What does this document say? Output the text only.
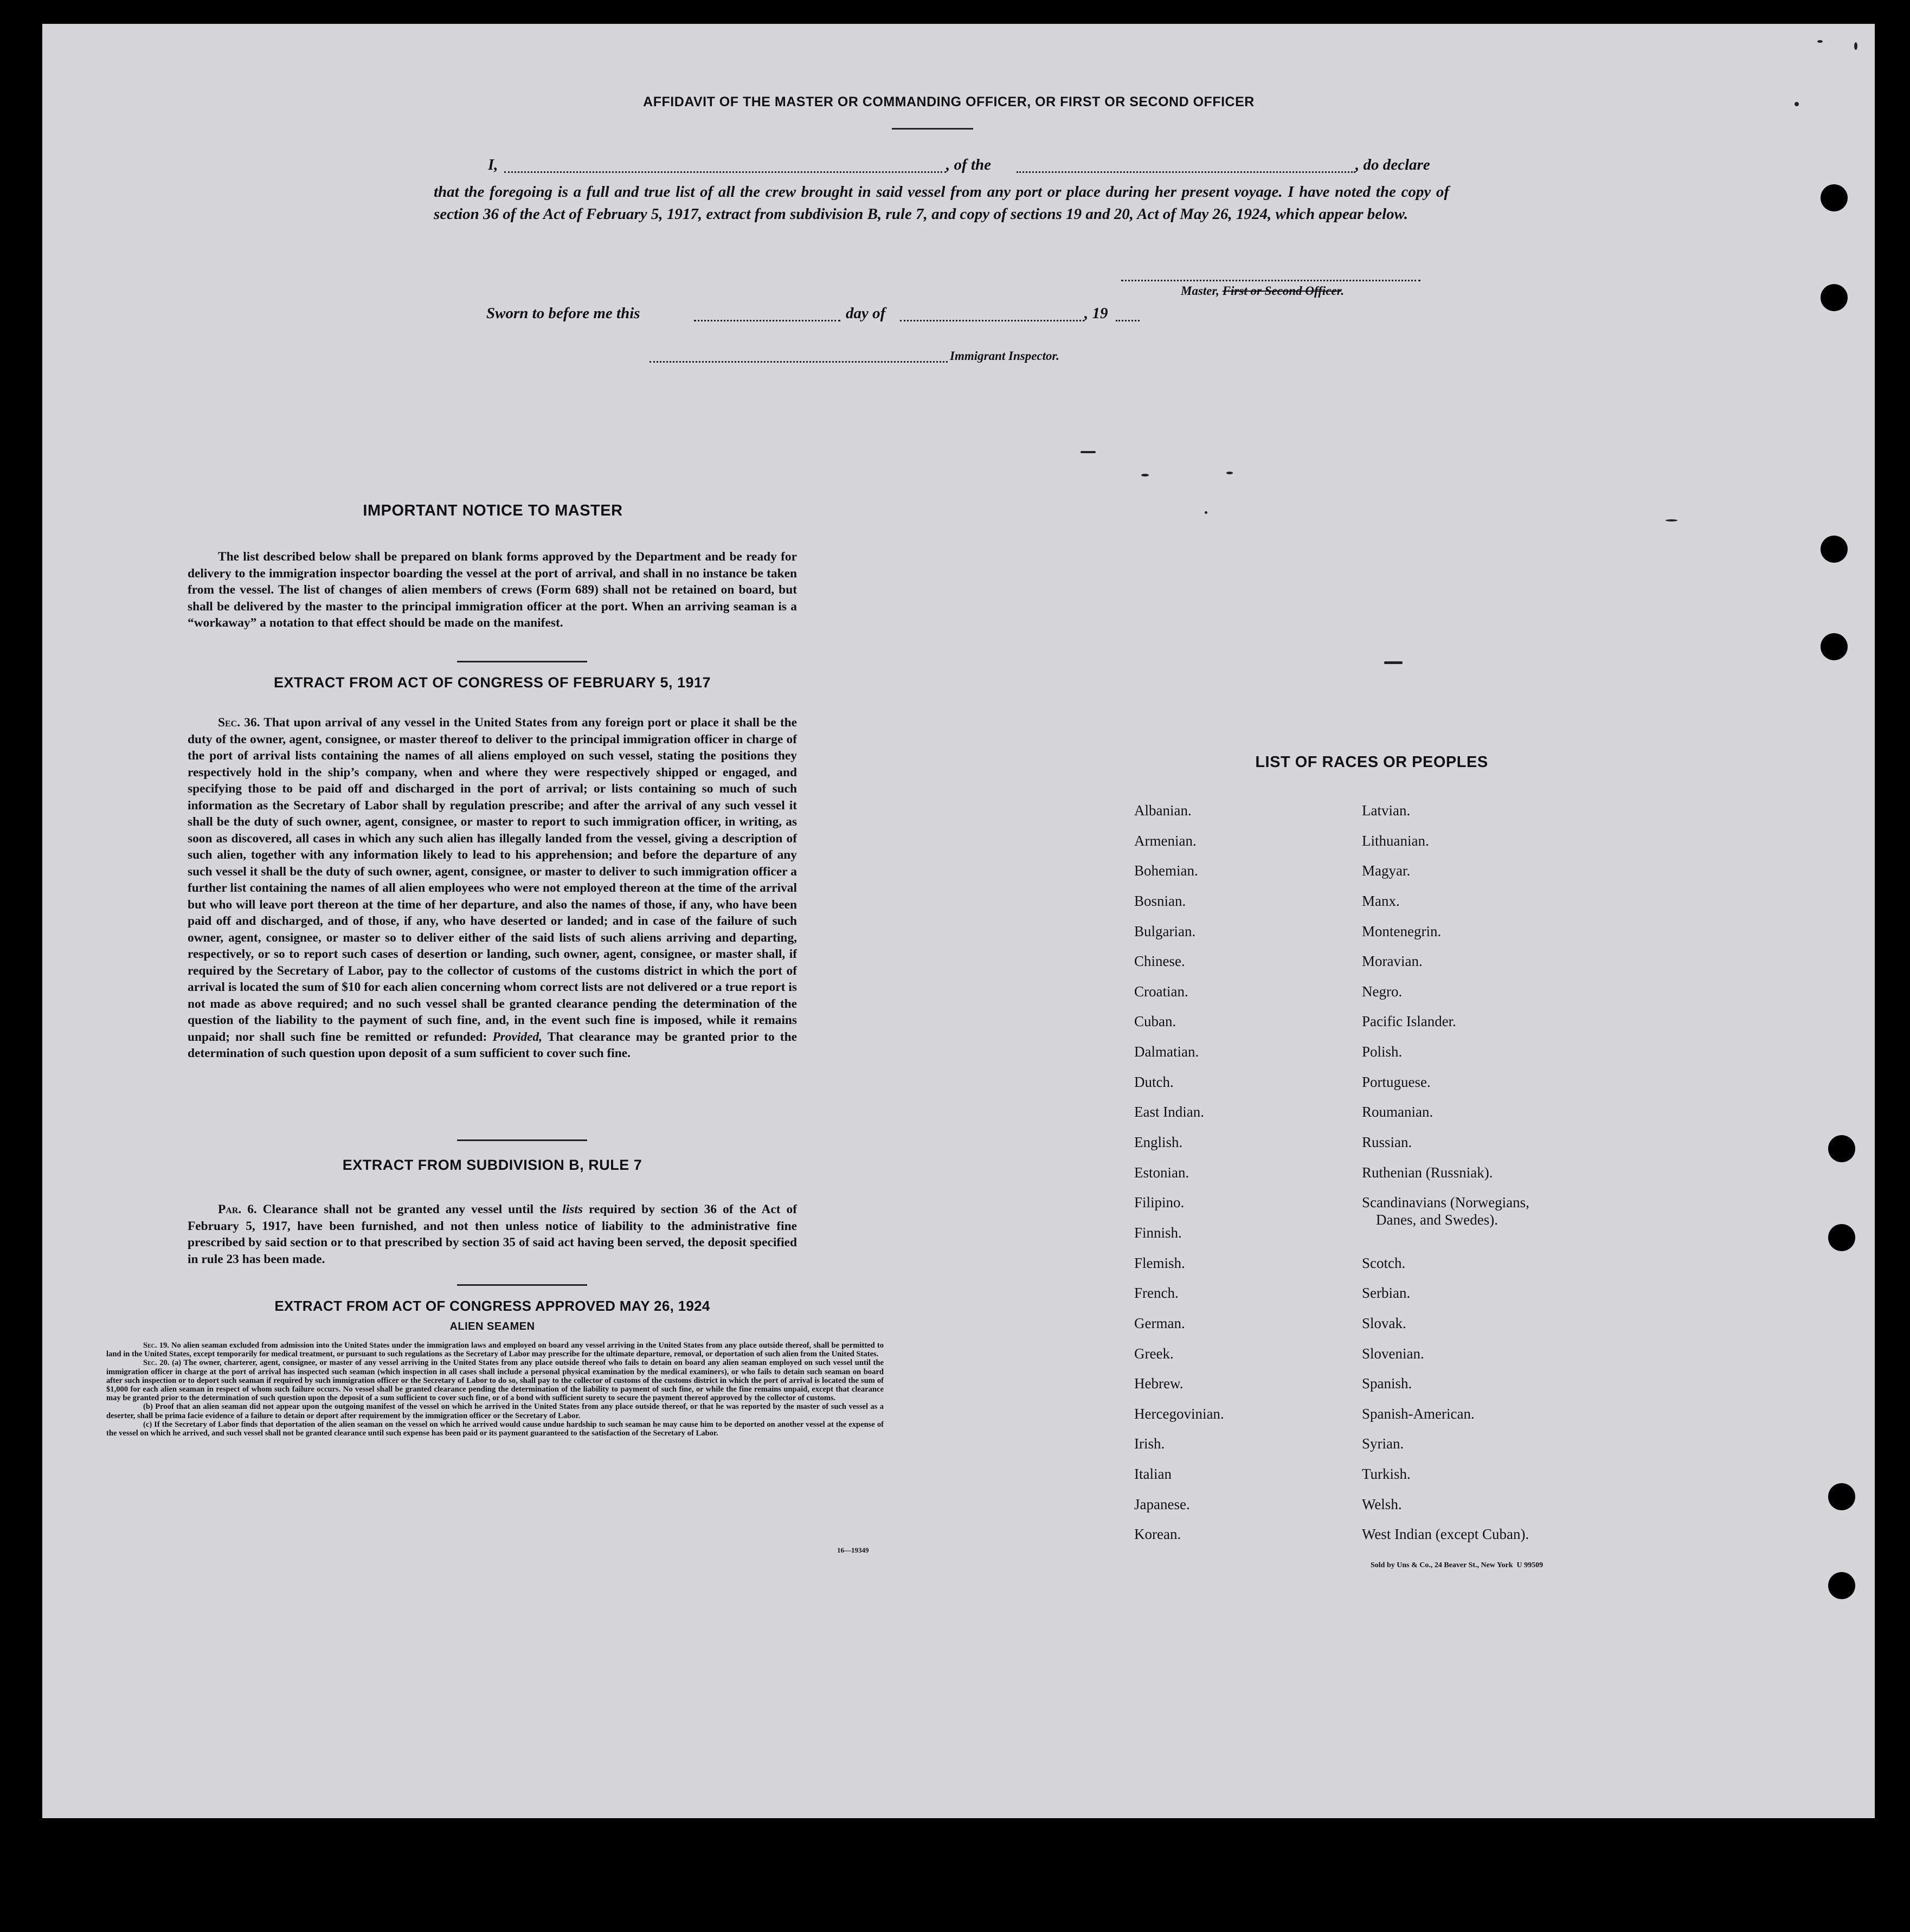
AFFIDAVIT OF THE MASTER OR COMMANDING OFFICER, OR FIRST OR SECOND OFFICER
I,	, of the	, do declare
that the foregoing is a full and true list of all the crew brought in said vessel from any port or place during her present voyage. I have noted the copy of section 36 of the Act of February 5, 1917, extract from subdivision B, rule 7, and copy of sections 19 and 20, Act of May 26, 1924, which appear below.
Master, First or Second Officer.
Sworn to before me this	day of	, 19
Immigrant Inspector.
IMPORTANT NOTICE TO MASTER
The list described below shall be prepared on blank forms approved by the Department and be ready for delivery to the immigration inspector boarding the vessel at the port of arrival, and shall in no instance be taken from the vessel. The list of changes of alien members of crews (Form 689) shall not be retained on board, but shall be delivered by the master to the principal immigration officer at the port. When an arriving seaman is a “workaway” a notation to that effect should be made on the manifest.
EXTRACT FROM ACT OF CONGRESS OF FEBRUARY 5, 1917
Sec. 36. That upon arrival of any vessel in the United States from any foreign port or place it shall be the duty of the owner, agent, consignee, or master thereof to deliver to the principal immigration officer in charge of the port of arrival lists containing the names of all aliens employed on such vessel, stating the positions they respectively hold in the ship’s company, when and where they were respectively shipped or engaged, and specifying those to be paid off and discharged in the port of arrival; or lists containing so much of such information as the Secretary of Labor shall by regulation prescribe; and after the arrival of any such vessel it shall be the duty of such owner, agent, consignee, or master to report to such immigration officer, in writing, as soon as discovered, all cases in which any such alien has illegally landed from the vessel, giving a description of such alien, together with any information likely to lead to his apprehension; and before the departure of any such vessel it shall be the duty of such owner, agent, consignee, or master to deliver to such immigration officer a further list containing the names of all alien employees who were not employed thereon at the time of the arrival but who will leave port thereon at the time of her departure, and also the names of those, if any, who have been paid off and discharged, and of those, if any, who have deserted or landed; and in case of the failure of such owner, agent, consignee, or master so to deliver either of the said lists of such aliens arriving and departing, respectively, or so to report such cases of desertion or landing, such owner, agent, consignee, or master shall, if required by the Secretary of Labor, pay to the collector of customs of the customs district in which the port of arrival is located the sum of $10 for each alien concerning whom correct lists are not delivered or a true report is not made as above required; and no such vessel shall be granted clearance pending the determination of the question of the liability to the payment of such fine, and, in the event such fine is imposed, while it remains unpaid; nor shall such fine be remitted or refunded: Provided, That clearance may be granted prior to the determination of such question upon deposit of a sum sufficient to cover such fine.
EXTRACT FROM SUBDIVISION B, RULE 7
Par. 6. Clearance shall not be granted any vessel until the lists required by section 36 of the Act of February 5, 1917, have been furnished, and not then unless notice of liability to the administrative fine prescribed by said section or to that prescribed by section 35 of said act having been served, the deposit specified in rule 23 has been made.
EXTRACT FROM ACT OF CONGRESS APPROVED MAY 26, 1924
ALIEN SEAMEN
Sec. 19. No alien seaman excluded from admission into the United States under the immigration laws and employed on board any vessel arriving in the United States from any place outside thereof, shall be permitted to land in the United States, except temporarily for medical treatment, or pursuant to such regulations as the Secretary of Labor may prescribe for the ultimate departure, removal, or deportation of such alien from the United States.
Sec. 20. (a) The owner, charterer, agent, consignee, or master of any vessel arriving in the United States from any place outside thereof who fails to detain on board any alien seaman employed on such vessel until the immigration officer in charge at the port of arrival has inspected such seaman (which inspection in all cases shall include a personal physical examination by the medical examiners), or who fails to detain such seaman on board after such inspection or to deport such seaman if required by such immigration officer or the Secretary of Labor to do so, shall pay to the collector of customs of the customs district in which the port of arrival is located the sum of $1,000 for each alien seaman in respect of whom such failure occurs. No vessel shall be granted clearance pending the determination of the liability to payment of such fine, or while the fine remains unpaid, except that clearance may be granted prior to the determination of such question upon the deposit of a sum sufficient to cover such fine, or of a bond with sufficient surety to secure the payment thereof approved by the collector of customs.
(b) Proof that an alien seaman did not appear upon the outgoing manifest of the vessel on which he arrived in the United States from any place outside thereof, or that he was reported by the master of such vessel as a deserter, shall be prima facie evidence of a failure to detain or deport after requirement by the immigration officer or the Secretary of Labor.
(c) If the Secretary of Labor finds that deportation of the alien seaman on the vessel on which he arrived would cause undue hardship to such seaman he may cause him to be deported on another vessel at the expense of the vessel on which he arrived, and such vessel shall not be granted clearance until such expense has been paid or its payment guaranteed to the satisfaction of the Secretary of Labor.
16—19349
LIST OF RACES OR PEOPLES
Albanian.
Armenian.
Bohemian.
Bosnian.
Bulgarian.
Chinese.
Croatian.
Cuban.
Dalmatian.
Dutch.
East Indian.
English.
Estonian.
Filipino.
Finnish.
Flemish.
French.
German.
Greek.
Hebrew.
Hercegovinian.
Irish.
Italian
Japanese.
Korean.
Latvian.
Lithuanian.
Magyar.
Manx.
Montenegrin.
Moravian.
Negro.
Pacific Islander.
Polish.
Portuguese.
Roumanian.
Russian.
Ruthenian (Russniak).
Scandinavians (Norwegians,
Danes, and Swedes).
Scotch.
Serbian.
Slovak.
Slovenian.
Spanish.
Spanish-American.
Syrian.
Turkish.
Welsh.
West Indian (except Cuban).
Sold by Uns & Co., 24 Beaver St., New York  U 99509
